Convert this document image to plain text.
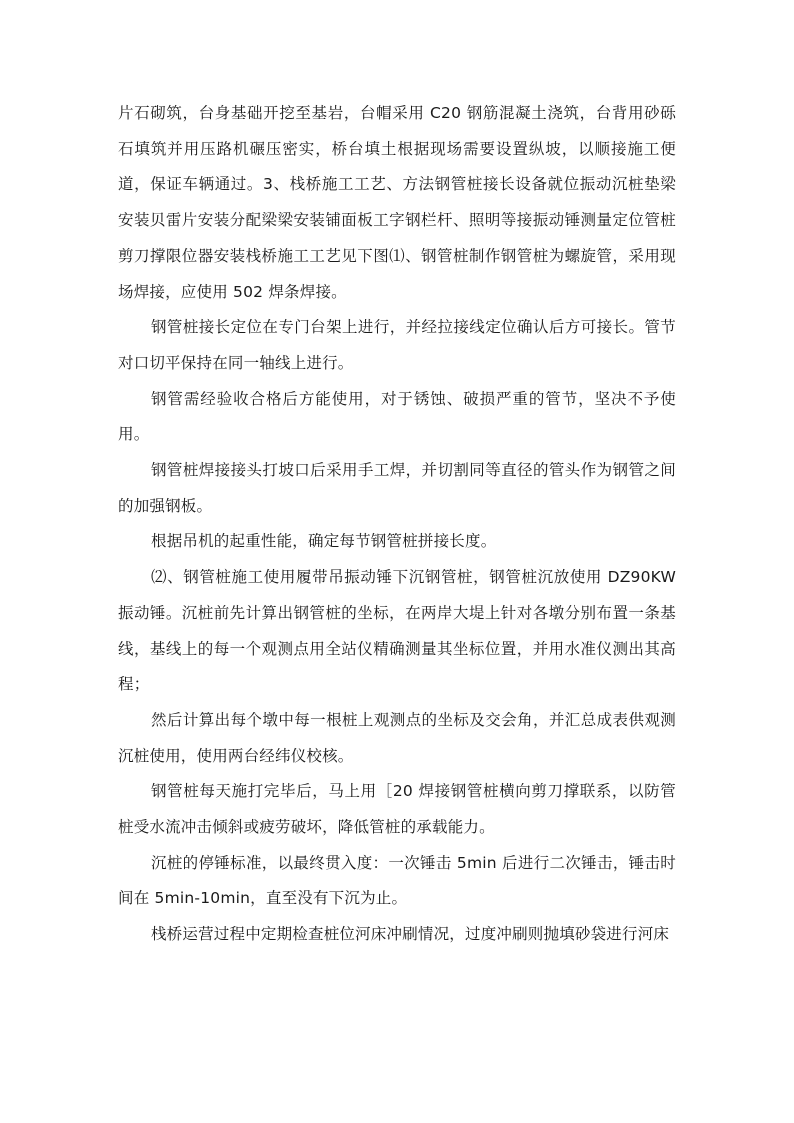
片石砌筑，台身基础开挖至基岩，台帽采用 C20 钢筋混凝土浇筑，台背用砂砾石填筑并用压路机碾压密实，桥台填土根据现场需要设置纵坡，以顺接施工便道，保证车辆通过。3、栈桥施工工艺、方法钢管桩接长设备就位振动沉桩垫梁安装贝雷片安装分配梁梁安装铺面板工字钢栏杆、照明等接振动锤测量定位管桩剪刀撑限位器安装栈桥施工工艺见下图⑴、钢管桩制作钢管桩为螺旋管，采用现场焊接，应使用 502 焊条焊接。

钢管桩接长定位在专门台架上进行，并经拉接线定位确认后方可接长。管节对口切平保持在同一轴线上进行。

钢管需经验收合格后方能使用，对于锈蚀、破损严重的管节，坚决不予使用。

钢管桩焊接接头打坡口后采用手工焊，并切割同等直径的管头作为钢管之间的加强钢板。

根据吊机的起重性能，确定每节钢管桩拼接长度。

⑵、钢管桩施工使用履带吊振动锤下沉钢管桩，钢管桩沉放使用 DZ90KW 振动锤。沉桩前先计算出钢管桩的坐标，在两岸大堤上针对各墩分别布置一条基线，基线上的每一个观测点用全站仪精确测量其坐标位置，并用水准仪测出其高程；

然后计算出每个墩中每一根桩上观测点的坐标及交会角，并汇总成表供观测沉桩使用，使用两台经纬仪校核。

钢管桩每天施打完毕后，马上用［20 焊接钢管桩横向剪刀撑联系，以防管桩受水流冲击倾斜或疲劳破坏，降低管桩的承载能力。

沉桩的停锤标准，以最终贯入度：一次锤击 5min 后进行二次锤击，锤击时间在 5min-10min，直至没有下沉为止。

栈桥运营过程中定期检查桩位河床冲刷情况，过度冲刷则抛填砂袋进行河床
